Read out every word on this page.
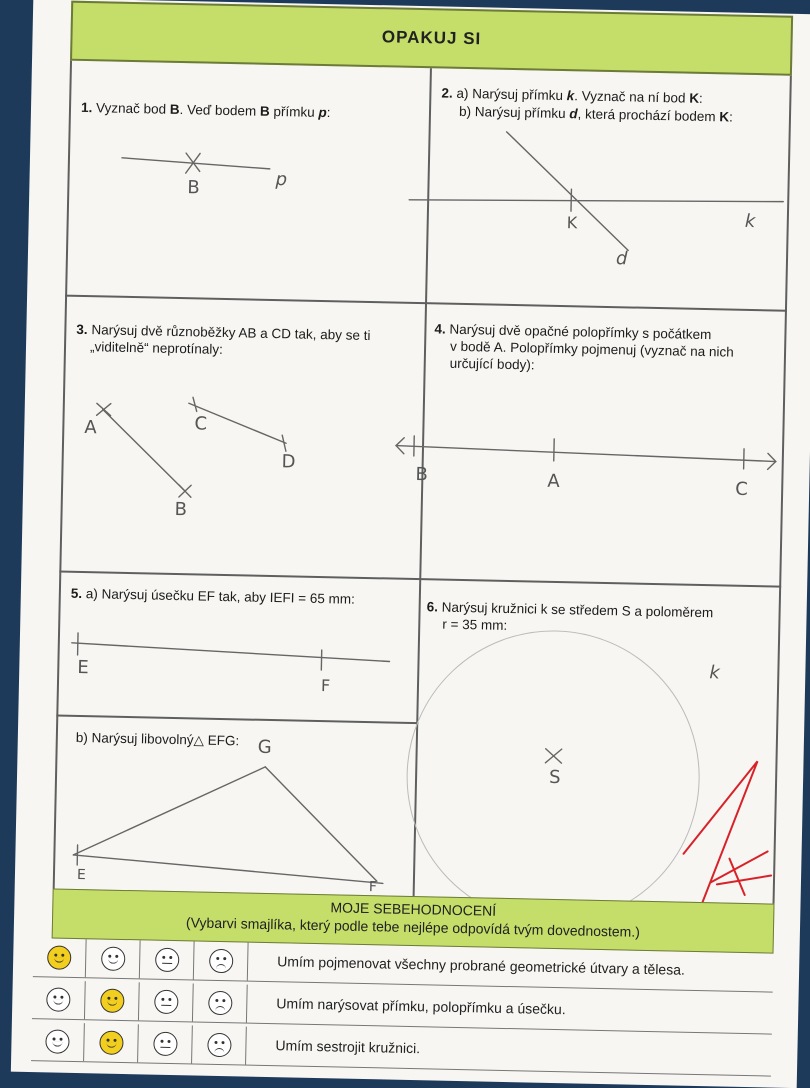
OPAKUJ SI
1. Vyznač bod B. Veď bodem B přímku p:
2. a) Narýsuj přímku k. Vyznač na ní bod K:
b) Narýsuj přímku d, která prochází bodem K:
3. Narýsuj dvě různoběžky AB a CD tak, aby se ti
„viditelně“ neprotínaly:
4. Narýsuj dvě opačné polopřímky s počátkem
v bodě A. Polopřímky pojmenuj (vyznač na nich
určující body):
5. a) Narýsuj úsečku EF tak, aby IEFI = 65 mm:
b) Narýsuj libovolný△ EFG:
6. Narýsuj kružnici k se středem S a poloměrem
r = 35 mm:
B	p
K	k
d
A
B
C
D
B	A	C
E
F
G
E
F
k
S
MOJE SEBEHODNOCENÍ
(Vybarvi smajlíka, který podle tebe nejlépe odpovídá tvým dovednostem.)
Umím pojmenovat všechny probrané geometrické útvary a tělesa.
Umím narýsovat přímku, polopřímku a úsečku.
Umím sestrojit kružnici.
